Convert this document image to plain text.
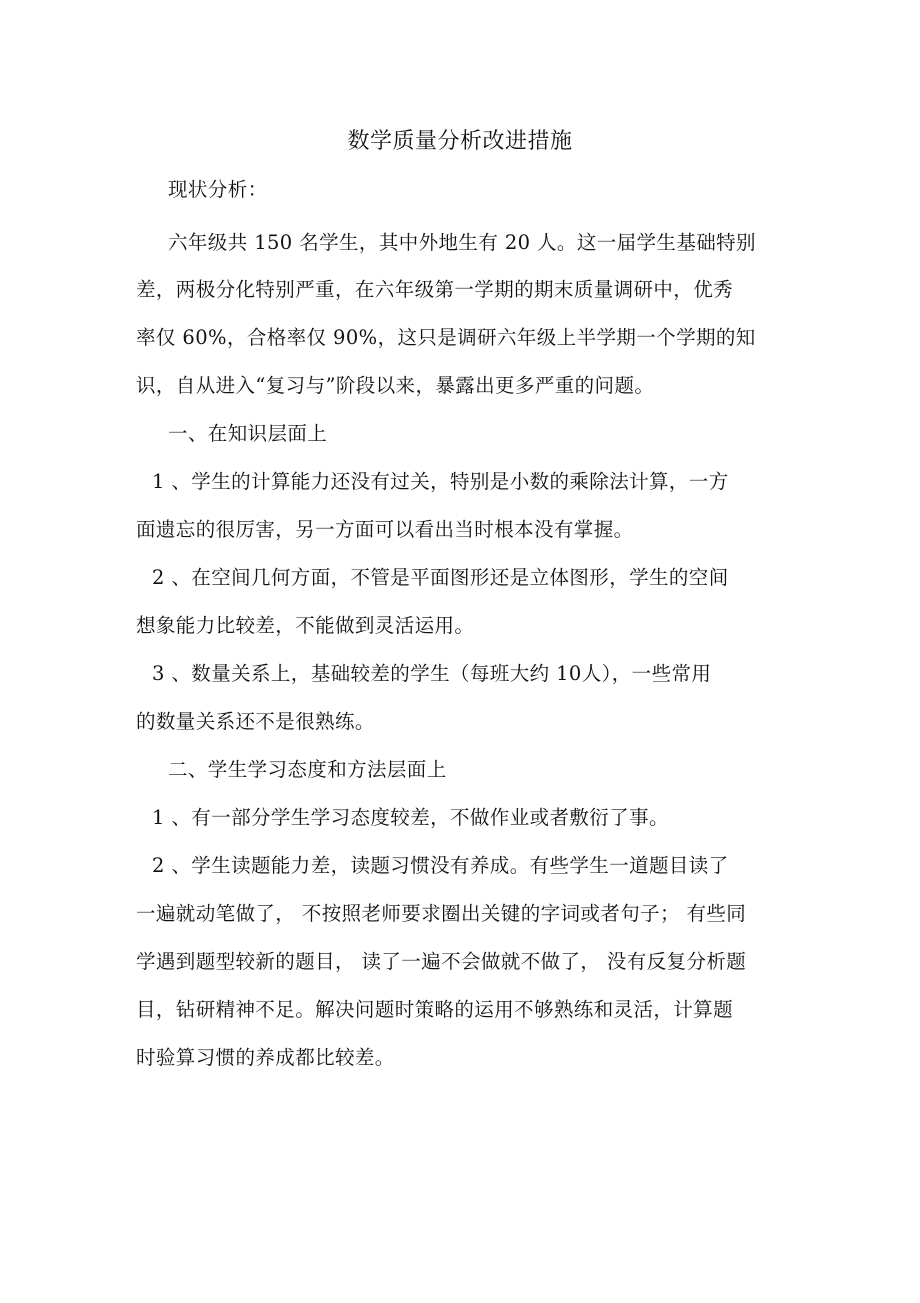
数学质量分析改进措施
现状分析：
六年级共 150 名学生，其中外地生有 20 人。这一届学生基础特别
差，两极分化特别严重，在六年级第一学期的期末质量调研中，优秀
率仅 60%，合格率仅 90%，这只是调研六年级上半学期一个学期的知
识，自从进入“复习与”阶段以来，暴露出更多严重的问题。
一、在知识层面上
1 、学生的计算能力还没有过关，特别是小数的乘除法计算，一方
面遗忘的很厉害，另一方面可以看出当时根本没有掌握。
2 、在空间几何方面，不管是平面图形还是立体图形，学生的空间
想象能力比较差，不能做到灵活运用。
3 、数量关系上，基础较差的学生（每班大约 10人），一些常用
的数量关系还不是很熟练。
二、学生学习态度和方法层面上
1 、有一部分学生学习态度较差，不做作业或者敷衍了事。
2 、学生读题能力差，读题习惯没有养成。有些学生一道题目读了
一遍就动笔做了， 不按照老师要求圈出关键的字词或者句子； 有些同
学遇到题型较新的题目， 读了一遍不会做就不做了， 没有反复分析题
目，钻研精神不足。解决问题时策略的运用不够熟练和灵活，计算题
时验算习惯的养成都比较差。
